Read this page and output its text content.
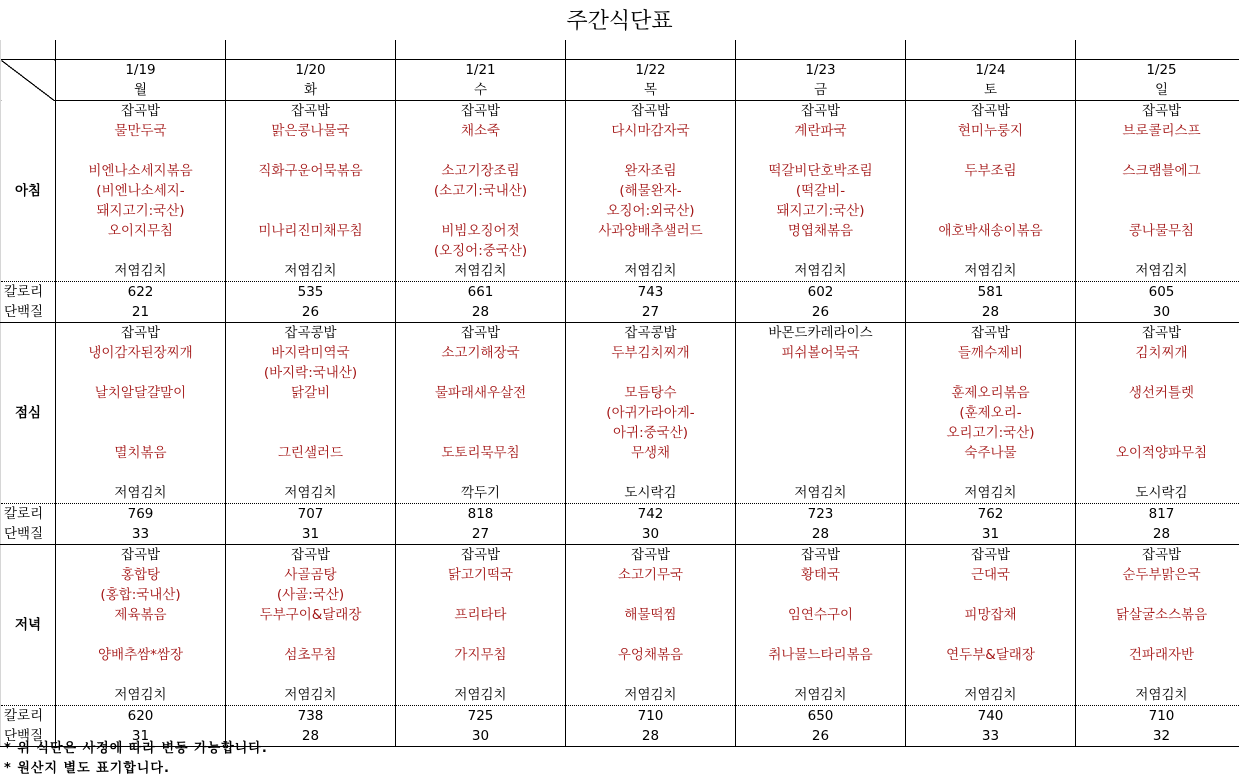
주간식단표

	1/19	1/20	1/21	1/22	1/23	1/24	1/25
	월	화	수	목	금	토	일
아침	잡곡밥	잡곡밥	잡곡밥	잡곡밥	잡곡밥	잡곡밥	잡곡밥
	물만두국	맑은콩나물국	채소죽	다시마감자국	계란파국	현미누룽지	브로콜리스프

	비엔나소세지볶음	직화구운어묵볶음	소고기장조림	완자조림	떡갈비단호박조림	두부조림	스크램블에그
	(비엔나소세지-		(소고기:국내산)	(해물완자-	(떡갈비-		
	돼지고기:국산)			오징어:외국산)	돼지고기:국산)		
	오이지무침	미나리진미채무침	비빔오징어젓	사과양배추샐러드	명엽채볶음	애호박새송이볶음	콩나물무침
			(오징어:중국산)				
	저염김치	저염김치	저염김치	저염김치	저염김치	저염김치	저염김치
칼로리	622	535	661	743	602	581	605
단백질	21	26	28	27	26	28	30
점심	잡곡밥	잡곡콩밥	잡곡밥	잡곡콩밥	바몬드카레라이스	잡곡밥	잡곡밥
	냉이감자된장찌개	바지락미역국	소고기해장국	두부김치찌개	피쉬볼어묵국	들깨수제비	김치찌개
		(바지락:국내산)					
	날치알달걀말이	닭갈비	물파래새우살전	모듬탕수		훈제오리볶음	생선커틀렛
				(아귀가라아게-		(훈제오리-	
				아귀:중국산)		오리고기:국산)	
	멸치볶음	그린샐러드	도토리묵무침	무생채		숙주나물	오이적양파무침

	저염김치	저염김치	깍두기	도시락김	저염김치	저염김치	도시락김
칼로리	769	707	818	742	723	762	817
단백질	33	31	27	30	28	31	28
저녁	잡곡밥	잡곡밥	잡곡밥	잡곡밥	잡곡밥	잡곡밥	잡곡밥
	홍합탕	사골곰탕	닭고기떡국	소고기무국	황태국	근대국	순두부맑은국
	(홍합:국내산)	(사골:국산)					
	제육볶음	두부구이&달래장	프리타타	해물떡찜	임연수구이	피망잡채	닭살굴소스볶음

	양배추쌈*쌈장	섬초무침	가지무침	우엉채볶음	취나물느타리볶음	연두부&달래장	건파래자반

	저염김치	저염김치	저염김치	저염김치	저염김치	저염김치	저염김치
칼로리	620	738	725	710	650	740	710
단백질	31	28	30	28	26	33	32
* 위 식단은 사정에 따라 변동 가능합니다.
* 원산지 별도 표기합니다.
